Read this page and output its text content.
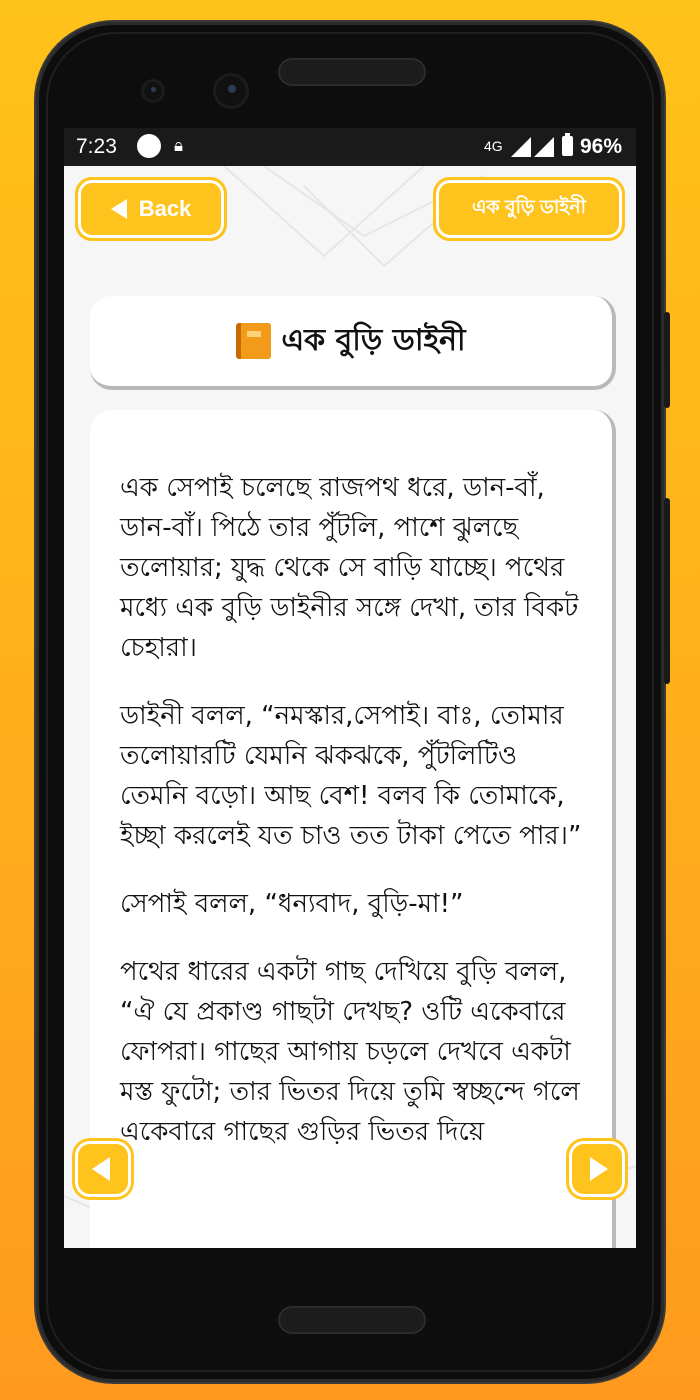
7:23	🔒︎	4G	96%
Back	এক বুড়ি ডাইনী
এক বুড়ি ডাইনী

এক সেপাই চলেছে রাজপথ ধরে, ডান-বাঁ, ডান-বাঁ। পিঠে তার পুঁটলি, পাশে ঝুলছে তলোয়ার; যুদ্ধ থেকে সে বাড়ি যাচ্ছে। পথের মধ্যে এক বুড়ি ডাইনীর সঙ্গে দেখা, তার বিকট চেহারা।

ডাইনী বলল, “নমস্কার,সেপাই। বাঃ, তোমার তলোয়ারটি যেমনি ঝকঝকে, পুঁটলিটিও তেমনি বড়ো। আছ বেশ! বলব কি তোমাকে, ইচ্ছা করলেই যত চাও তত টাকা পেতে পার।”

সেপাই বলল, “ধন্যবাদ, বুড়ি-মা!”

পথের ধারের একটা গাছ দেখিয়ে বুড়ি বলল, “ঐ যে প্রকাণ্ড গাছটা দেখছ? ওটি একেবারে ফোপরা। গাছের আগায় চড়লে দেখবে একটা মস্ত ফুটো; তার ভিতর দিয়ে তুমি স্বচ্ছন্দে গলে একেবারে গাছের গুড়ির ভিতর দিয়ে
